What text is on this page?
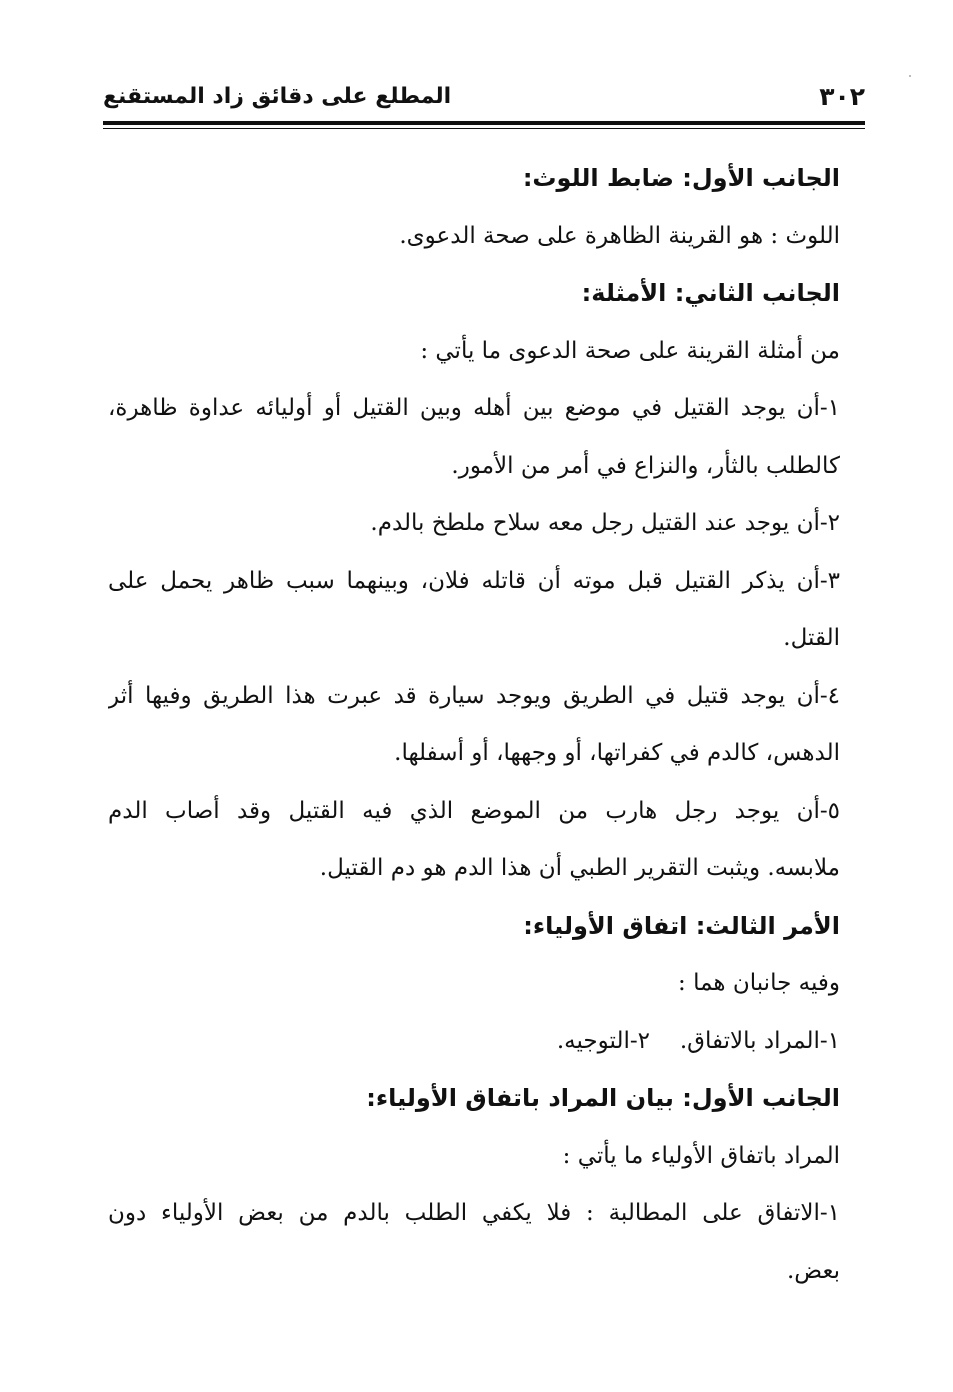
٣٠٢
المطلع على دقائق زاد المستقنع
الجانب الأول: ضابط اللوث:
اللوث : هو القرينة الظاهرة على صحة الدعوى.
الجانب الثاني: الأمثلة:
من أمثلة القرينة على صحة الدعوى ما يأتي :
١-أن يوجد القتيل في موضع بين أهله وبين القتيل أو أوليائه عداوة ظاهرة،
كالطلب بالثأر، والنزاع في أمر من الأمور.
٢-أن يوجد عند القتيل رجل معه سلاح ملطخ بالدم.
٣-أن يذكر القتيل قبل موته أن قاتله فلان، وبينهما سبب ظاهر يحمل على
القتل.
٤-أن يوجد قتيل في الطريق ويوجد سيارة قد عبرت هذا الطريق وفيها أثر
الدهس، كالدم في كفراتها، أو وجهها، أو أسفلها.
٥-أن يوجد رجل هارب من الموضع الذي فيه القتيل وقد أصاب الدم
ملابسه. ويثبت التقرير الطبي أن هذا الدم هو دم القتيل.
الأمر الثالث: اتفاق الأولياء:
وفيه جانبان هما :
١-المراد بالاتفاق.
٢-التوجيه.
الجانب الأول: بيان المراد باتفاق الأولياء:
المراد باتفاق الأولياء ما يأتي :
١-الاتفاق على المطالبة : فلا يكفي الطلب بالدم من بعض الأولياء دون
بعض.
